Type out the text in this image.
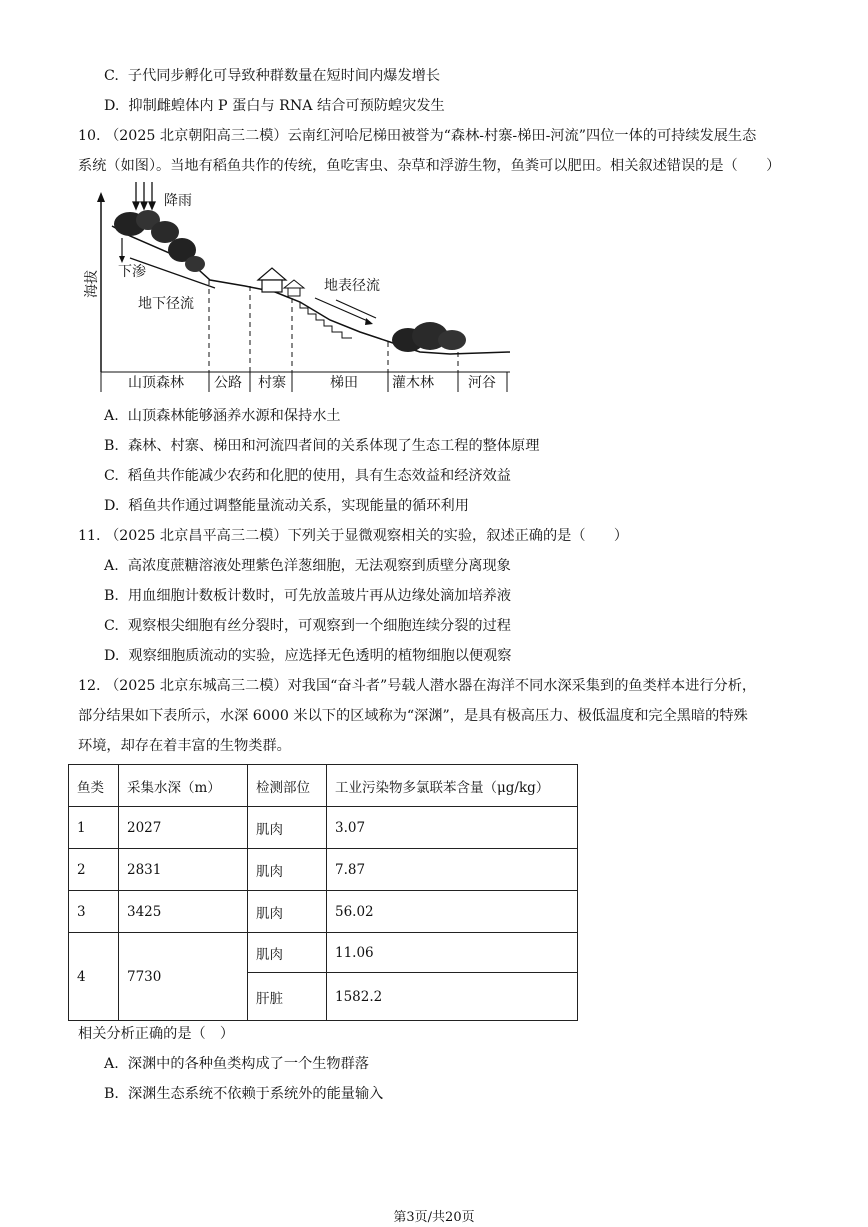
C. 子代同步孵化可导致种群数量在短时间内爆发增长
D. 抑制雌蝗体内 P 蛋白与 RNA 结合可预防蝗灾发生
10. （2025 北京朝阳高三二模）云南红河哈尼梯田被誉为“森林-村寨-梯田-河流”四位一体的可持续发展生态
系统（如图）。当地有稻鱼共作的传统，鱼吃害虫、杂草和浮游生物，鱼粪可以肥田。相关叙述错误的是（　　）
海拔
降雨
下渗
地下径流
地表径流
山顶森林 公路 村寨	梯田 灌木林 河谷
A. 山顶森林能够涵养水源和保持水土
B. 森林、村寨、梯田和河流四者间的关系体现了生态工程的整体原理
C. 稻鱼共作能减少农药和化肥的使用，具有生态效益和经济效益
D. 稻鱼共作通过调整能量流动关系，实现能量的循环利用
11. （2025 北京昌平高三二模）下列关于显微观察相关的实验，叙述正确的是（　　）
A. 高浓度蔗糖溶液处理紫色洋葱细胞，无法观察到质壁分离现象
B. 用血细胞计数板计数时，可先放盖玻片再从边缘处滴加培养液
C. 观察根尖细胞有丝分裂时，可观察到一个细胞连续分裂的过程
D. 观察细胞质流动的实验，应选择无色透明的植物细胞以便观察
12. （2025 北京东城高三二模）对我国“奋斗者”号载人潜水器在海洋不同水深采集到的鱼类样本进行分析，
部分结果如下表所示，水深 6000 米以下的区域称为“深渊”，是具有极高压力、极低温度和完全黑暗的特殊
环境，却存在着丰富的生物类群。
鱼类	采集水深（m）	检测部位	工业污染物多氯联苯含量（μg/kg）
1	2027	肌肉	3.07
2	2831	肌肉	7.87
3	3425	肌肉	56.02
4	7730	肌肉	11.06
		肝脏	1582.2
相关分析正确的是（　）
A. 深渊中的各种鱼类构成了一个生物群落
B. 深渊生态系统不依赖于系统外的能量输入
第3页/共20页
